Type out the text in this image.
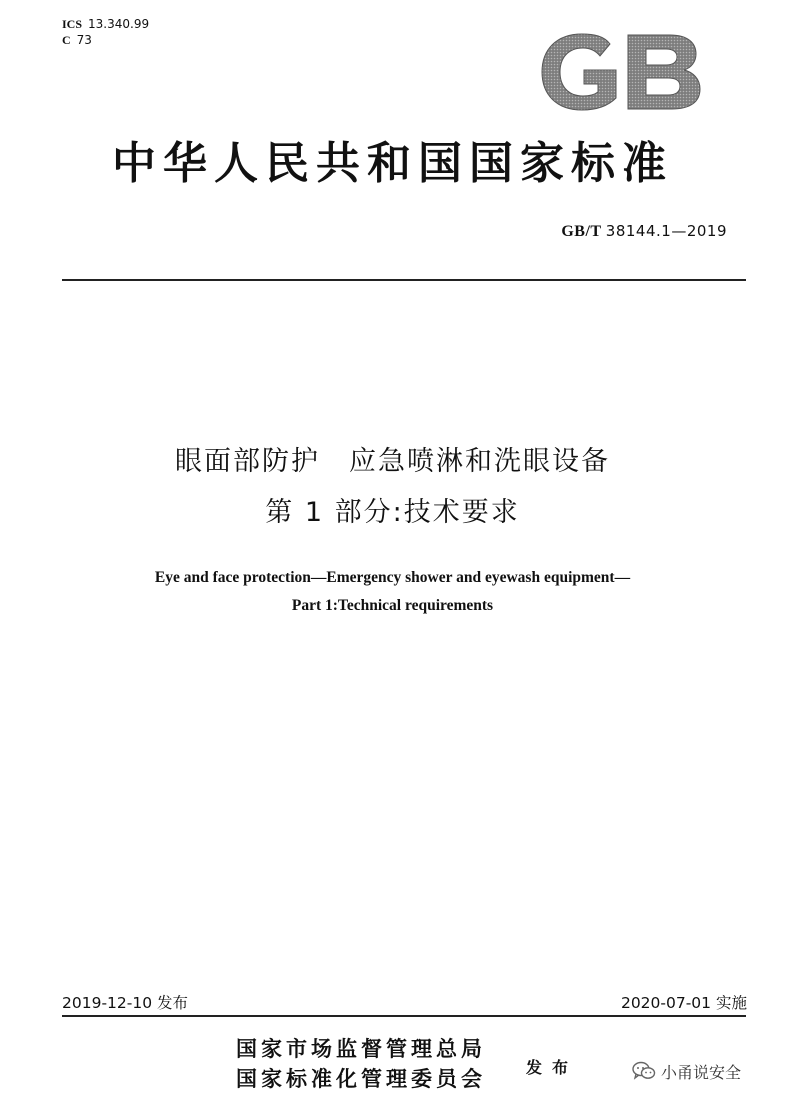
ICS 13.340.99
C 73
中华人民共和国国家标准
GB/T 38144.1—2019
眼面部防护　应急喷淋和洗眼设备
第 1 部分:技术要求
Eye and face protection—Emergency shower and eyewash equipment—
Part 1:Technical requirements
2019-12-10 发布	2020-07-01 实施
国家市场监督管理总局
国家标准化管理委员会	发布	小甬说安全
